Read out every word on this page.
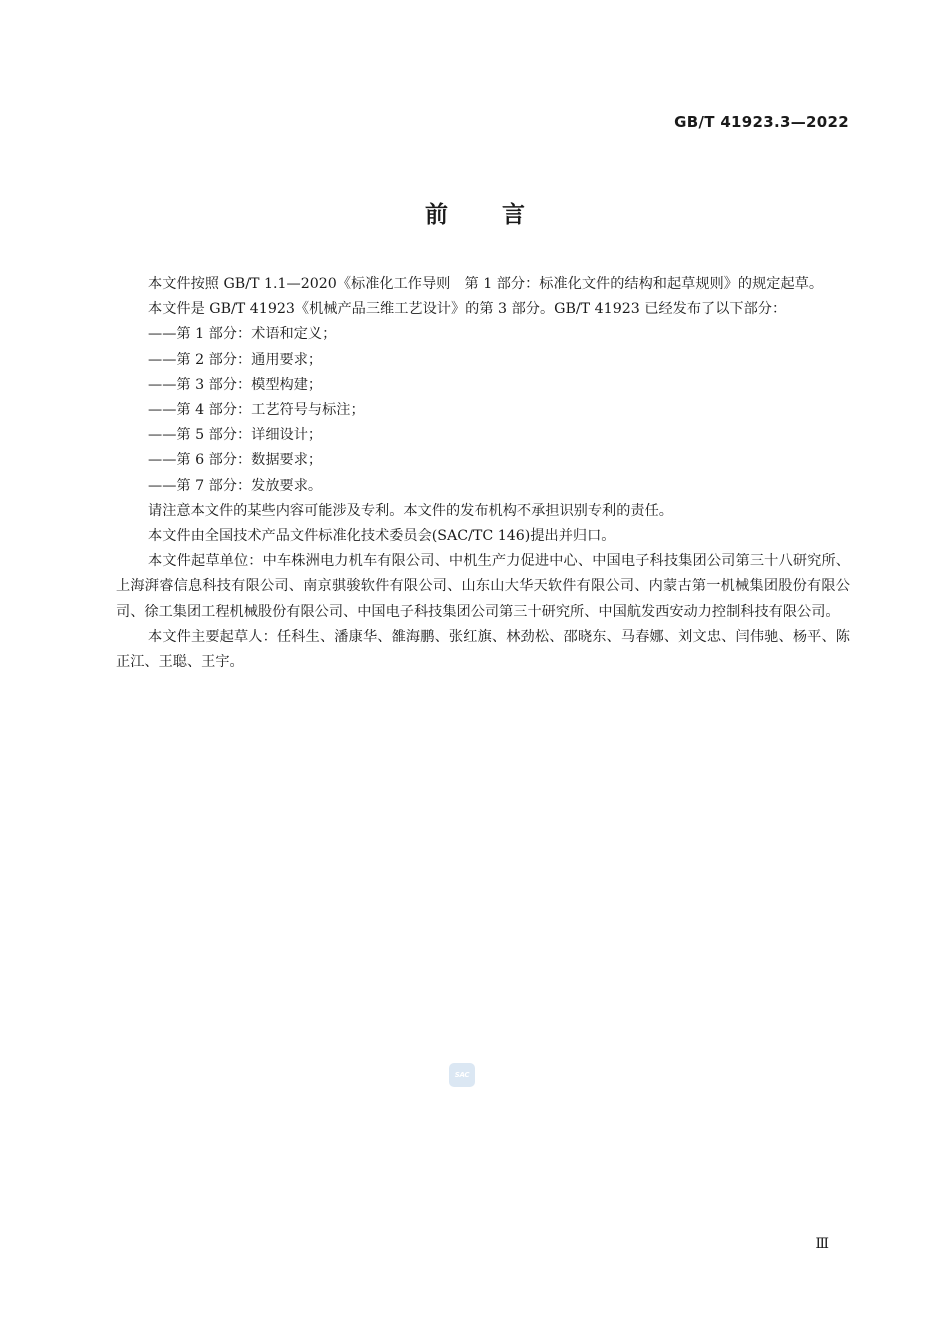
GB/T 41923.3—2022
前言

本文件按照 GB/T 1.1—2020《标准化工作导则　第 1 部分：标准化文件的结构和起草规则》的规定起草。

本文件是 GB/T 41923《机械产品三维工艺设计》的第 3 部分。GB/T 41923 已经发布了以下部分：

——第 1 部分：术语和定义；

——第 2 部分：通用要求；

——第 3 部分：模型构建；

——第 4 部分：工艺符号与标注；

——第 5 部分：详细设计；

——第 6 部分：数据要求；

——第 7 部分：发放要求。

请注意本文件的某些内容可能涉及专利。本文件的发布机构不承担识别专利的责任。

本文件由全国技术产品文件标准化技术委员会(SAC/TC 146)提出并归口。

本文件起草单位：中车株洲电力机车有限公司、中机生产力促进中心、中国电子科技集团公司第三十八研究所、上海湃睿信息科技有限公司、南京骐骏软件有限公司、山东山大华天软件有限公司、内蒙古第一机械集团股份有限公司、徐工集团工程机械股份有限公司、中国电子科技集团公司第三十研究所、中国航发西安动力控制科技有限公司。

本文件主要起草人：任科生、潘康华、雒海鹏、张红旗、林劲松、邵晓东、马春娜、刘文忠、闫伟驰、杨平、陈正江、王聪、王宇。

SAC
Ⅲ
